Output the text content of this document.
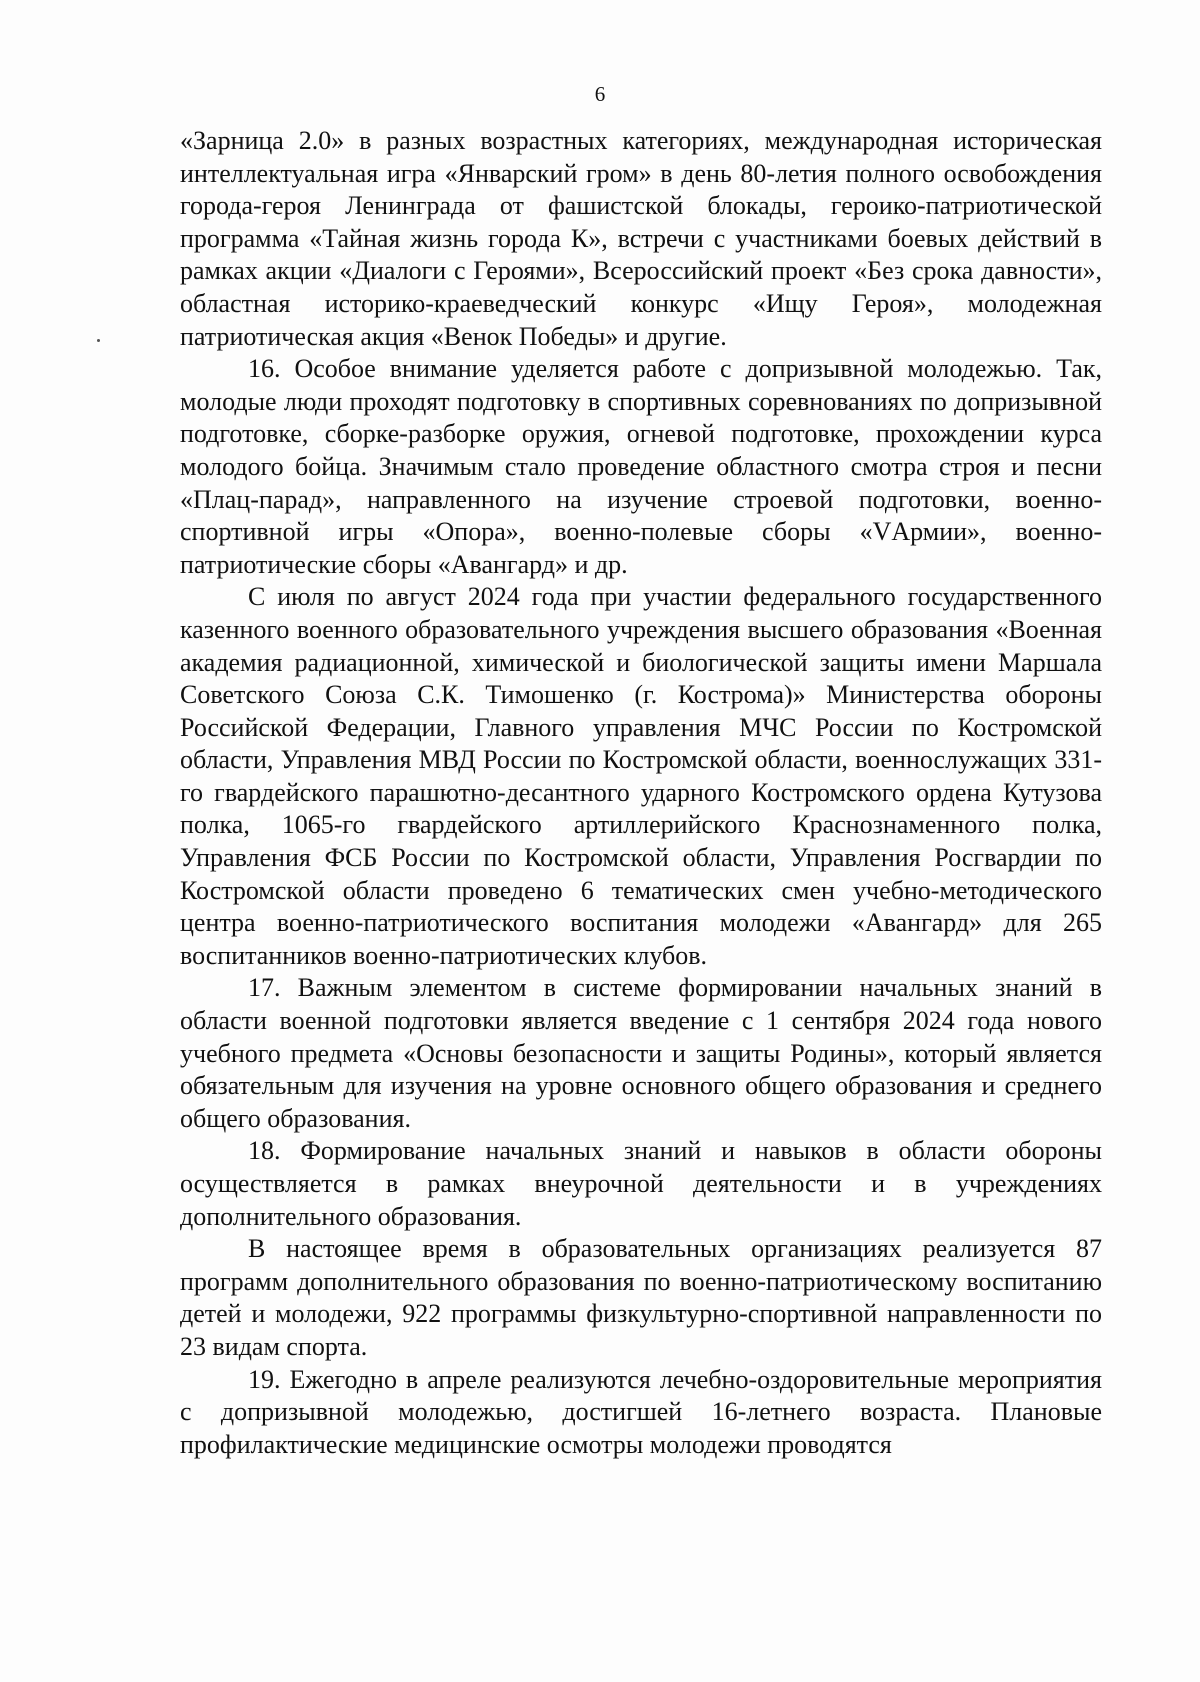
6

«Зарница 2.0» в разных возрастных категориях, международная историческая интеллектуальная игра «Январский гром» в день 80-летия полного освобождения города-героя Ленинграда от фашистской блокады, героико-патриотической программа «Тайная жизнь города К», встречи с участниками боевых действий в рамках акции «Диалоги с Героями», Всероссийский проект «Без срока давности», областная историко-краеведческий конкурс «Ищу Героя», молодежная патриотическая акция «Венок Победы» и другие.

16. Особое внимание уделяется работе с допризывной молодежью. Так, молодые люди проходят подготовку в спортивных соревнованиях по допризывной подготовке, сборке-разборке оружия, огневой подготовке, прохождении курса молодого бойца. Значимым стало проведение областного смотра строя и песни «Плац-парад», направленного на изучение строевой подготовки, военно-спортивной игры «Опора», военно-полевые сборы «VАрмии», военно-патриотические сборы «Авангард» и др.

С июля по август 2024 года при участии федерального государственного казенного военного образовательного учреждения высшего образования «Военная академия радиационной, химической и биологической защиты имени Маршала Советского Союза С.К. Тимошенко (г. Кострома)» Министерства обороны Российской Федерации, Главного управления МЧС России по Костромской области, Управления МВД России по Костромской области, военнослужащих 331-го гвардейского парашютно-десантного ударного Костромского ордена Кутузова полка, 1065-го гвардейского артиллерийского Краснознаменного полка, Управления ФСБ России по Костромской области, Управления Росгвардии по Костромской области проведено 6 тематических смен учебно-методического центра военно-патриотического воспитания молодежи «Авангард» для 265 воспитанников военно-патриотических клубов.

17. Важным элементом в системе формировании начальных знаний в области военной подготовки является введение с 1 сентября 2024 года нового учебного предмета «Основы безопасности и защиты Родины», который является обязательным для изучения на уровне основного общего образования и среднего общего образования.

18. Формирование начальных знаний и навыков в области обороны осуществляется в рамках внеурочной деятельности и в учреждениях дополнительного образования.

В настоящее время в образовательных организациях реализуется 87 программ дополнительного образования по военно-патриотическому воспитанию детей и молодежи, 922 программы физкультурно-спортивной направленности по 23 видам спорта.

19. Ежегодно в апреле реализуются лечебно-оздоровительные мероприятия с допризывной молодежью, достигшей 16-летнего возраста. Плановые профилактические медицинские осмотры молодежи проводятся
